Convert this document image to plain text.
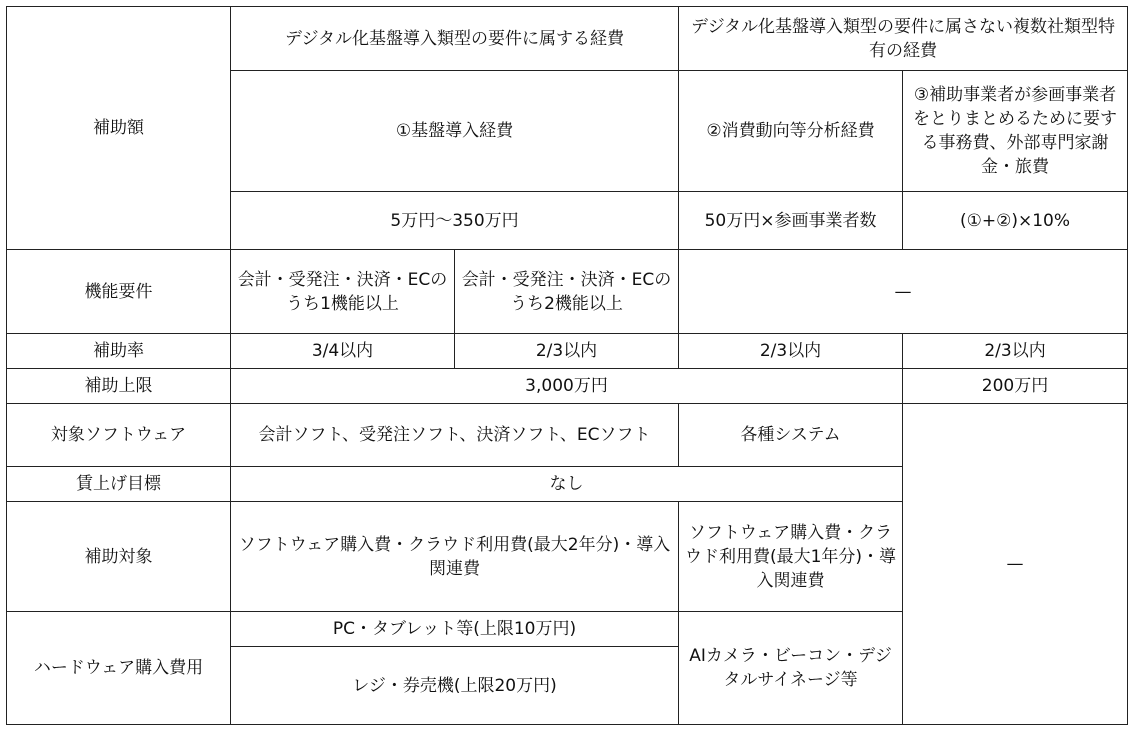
補助額	デジタル化基盤導入類型の要件に属する経費		デジタル化基盤導入類型の要件に属さない複数社類型特有の経費	
	①基盤導入経費		②消費動向等分析経費	③補助事業者が参画事業者をとりまとめるために要する事務費、外部専門家謝金・旅費
	5万円〜350万円		50万円×参画事業者数	(①+②)×10%
機能要件	会計・受発注・決済・ECのうち1機能以上	会計・受発注・決済・ECのうち2機能以上	—	
補助率	3/4以内	2/3以内	2/3以内	2/3以内
補助上限	3,000万円			200万円
対象ソフトウェア	会計ソフト、受発注ソフト、決済ソフト、ECソフト		各種システム	—
賃上げ目標	なし			
補助対象	ソフトウェア購入費・クラウド利用費(最大2年分)・導入関連費		ソフトウェア購入費・クラウド利用費(最大1年分)・導入関連費	
ハードウェア購入費用	PC・タブレット等(上限10万円)		AIカメラ・ビーコン・デジタルサイネージ等	
	レジ・券売機(上限20万円)			
